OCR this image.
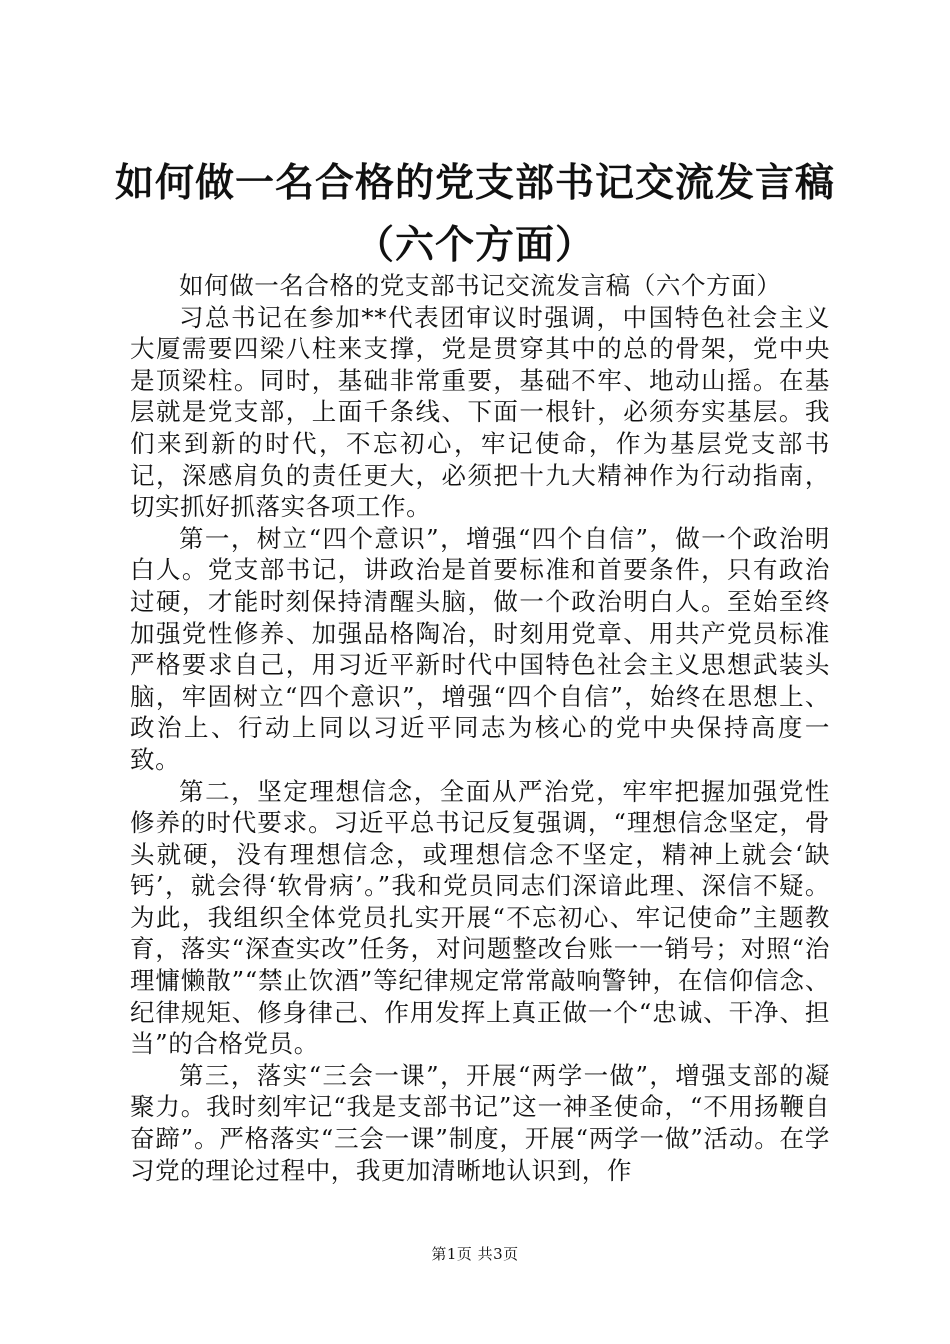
如何做一名合格的党支部书记交流发言稿（六个方面）

如何做一名合格的党支部书记交流发言稿（六个方面）

习总书记在参加**代表团审议时强调，中国特色社会主义大厦需要四梁八柱来支撑，党是贯穿其中的总的骨架，党中央是顶梁柱。同时，基础非常重要，基础不牢、地动山摇。在基层就是党支部，上面千条线、下面一根针，必须夯实基层。我们来到新的时代，不忘初心，牢记使命，作为基层党支部书记，深感肩负的责任更大，必须把十九大精神作为行动指南，切实抓好抓落实各项工作。

第一，树立“四个意识”，增强“四个自信”，做一个政治明白人。党支部书记，讲政治是首要标准和首要条件，只有政治过硬，才能时刻保持清醒头脑，做一个政治明白人。至始至终加强党性修养、加强品格陶冶，时刻用党章、用共产党员标准严格要求自己，用习近平新时代中国特色社会主义思想武装头脑，牢固树立“四个意识”，增强“四个自信”，始终在思想上、政治上、行动上同以习近平同志为核心的党中央保持高度一致。

第二，坚定理想信念，全面从严治党，牢牢把握加强党性修养的时代要求。习近平总书记反复强调，“理想信念坚定，骨头就硬，没有理想信念，或理想信念不坚定，精神上就会‘缺钙’，就会得‘软骨病’。”我和党员同志们深谙此理、深信不疑。为此，我组织全体党员扎实开展“不忘初心、牢记使命”主题教育，落实“深查实改”任务，对问题整改台账一一销号；对照“治理慵懒散”“禁止饮酒”等纪律规定常常敲响警钟，在信仰信念、纪律规矩、修身律己、作用发挥上真正做一个“忠诚、干净、担当”的合格党员。

第三，落实“三会一课”，开展“两学一做”，增强支部的凝聚力。我时刻牢记“我是支部书记”这一神圣使命，“不用扬鞭自奋蹄”。严格落实“三会一课”制度，开展“两学一做”活动。在学习党的理论过程中，我更加清晰地认识到，作

第1页 共3页
